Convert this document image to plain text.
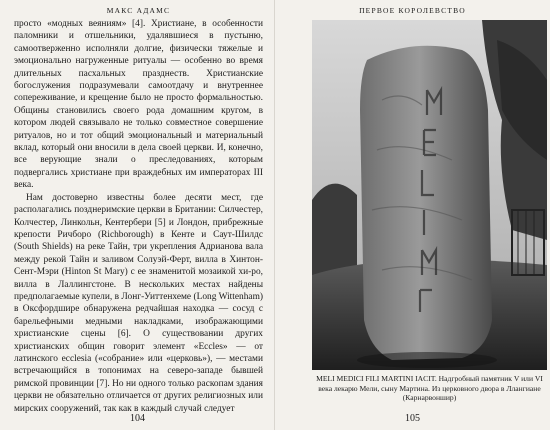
МАКС АДАМС

просто «модных веяниям» [4]. Христиане, в особенности паломники и отшельники, удалявшиеся в пустыню, самоотверженно исполняли долгие, физически тяжелые и эмоционально нагруженные ритуалы — особенно во время длительных пасхальных празднеств. Христианские богослужения подразумевали самоотдачу и внутреннее сопереживание, и крещение было не просто формальностью. Общины становились своего рода домашним кругом, в котором людей связывало не только совместное совершение ритуалов, но и тот общий эмоциональный и материальный вклад, который они вносили в дела своей церкви. И, конечно, все верующие знали о преследованиях, которым подвергались христиане при враждебных им императорах III века.

Нам достоверно известны более десяти мест, где располагались позднеримские церкви в Британии: Силчестер, Колчестер, Линкольн, Кентербери [5] и Лондон, прибрежные крепости Ричборо (Richborough) в Кенте и Саут-Шилдс (South Shields) на реке Тайн, три укрепления Адрианова вала между рекой Тайн и заливом Солуэй-Ферт, вилла в Хинтон-Сент-Мэри (Hinton St Mary) с ее знаменитой мозаикой хи-ро, вилла в Лаллингстоне. В нескольких местах найдены предполагаемые купели, в Лонг-Уиттенхеме (Long Wittenham) в Оксфордшире обнаружена редчайшая находка — сосуд с барельефными медными накладками, изображающими христианские сцены [6]. О существовании других христианских общин говорит элемент «Eccles» — от латинского ecclesia («собрание» или «церковь»), — местами встречающийся в топонимах на северо-западе бывшей римской провинции [7]. Но ни одного только раскопам здания церкви не обязательно отличается от других религиозных или мирских сооружений, так как в каждый случай следует

104
ПЕРВОЕ КОРОЛЕВСТВО
MELI MEDICI FILI MARTINI IACIT. Надгробный памятник V или VI века лекарю Мели, сыну Мартина. Из церковного двора в Ллангиане (Карнарвоншир)
105
